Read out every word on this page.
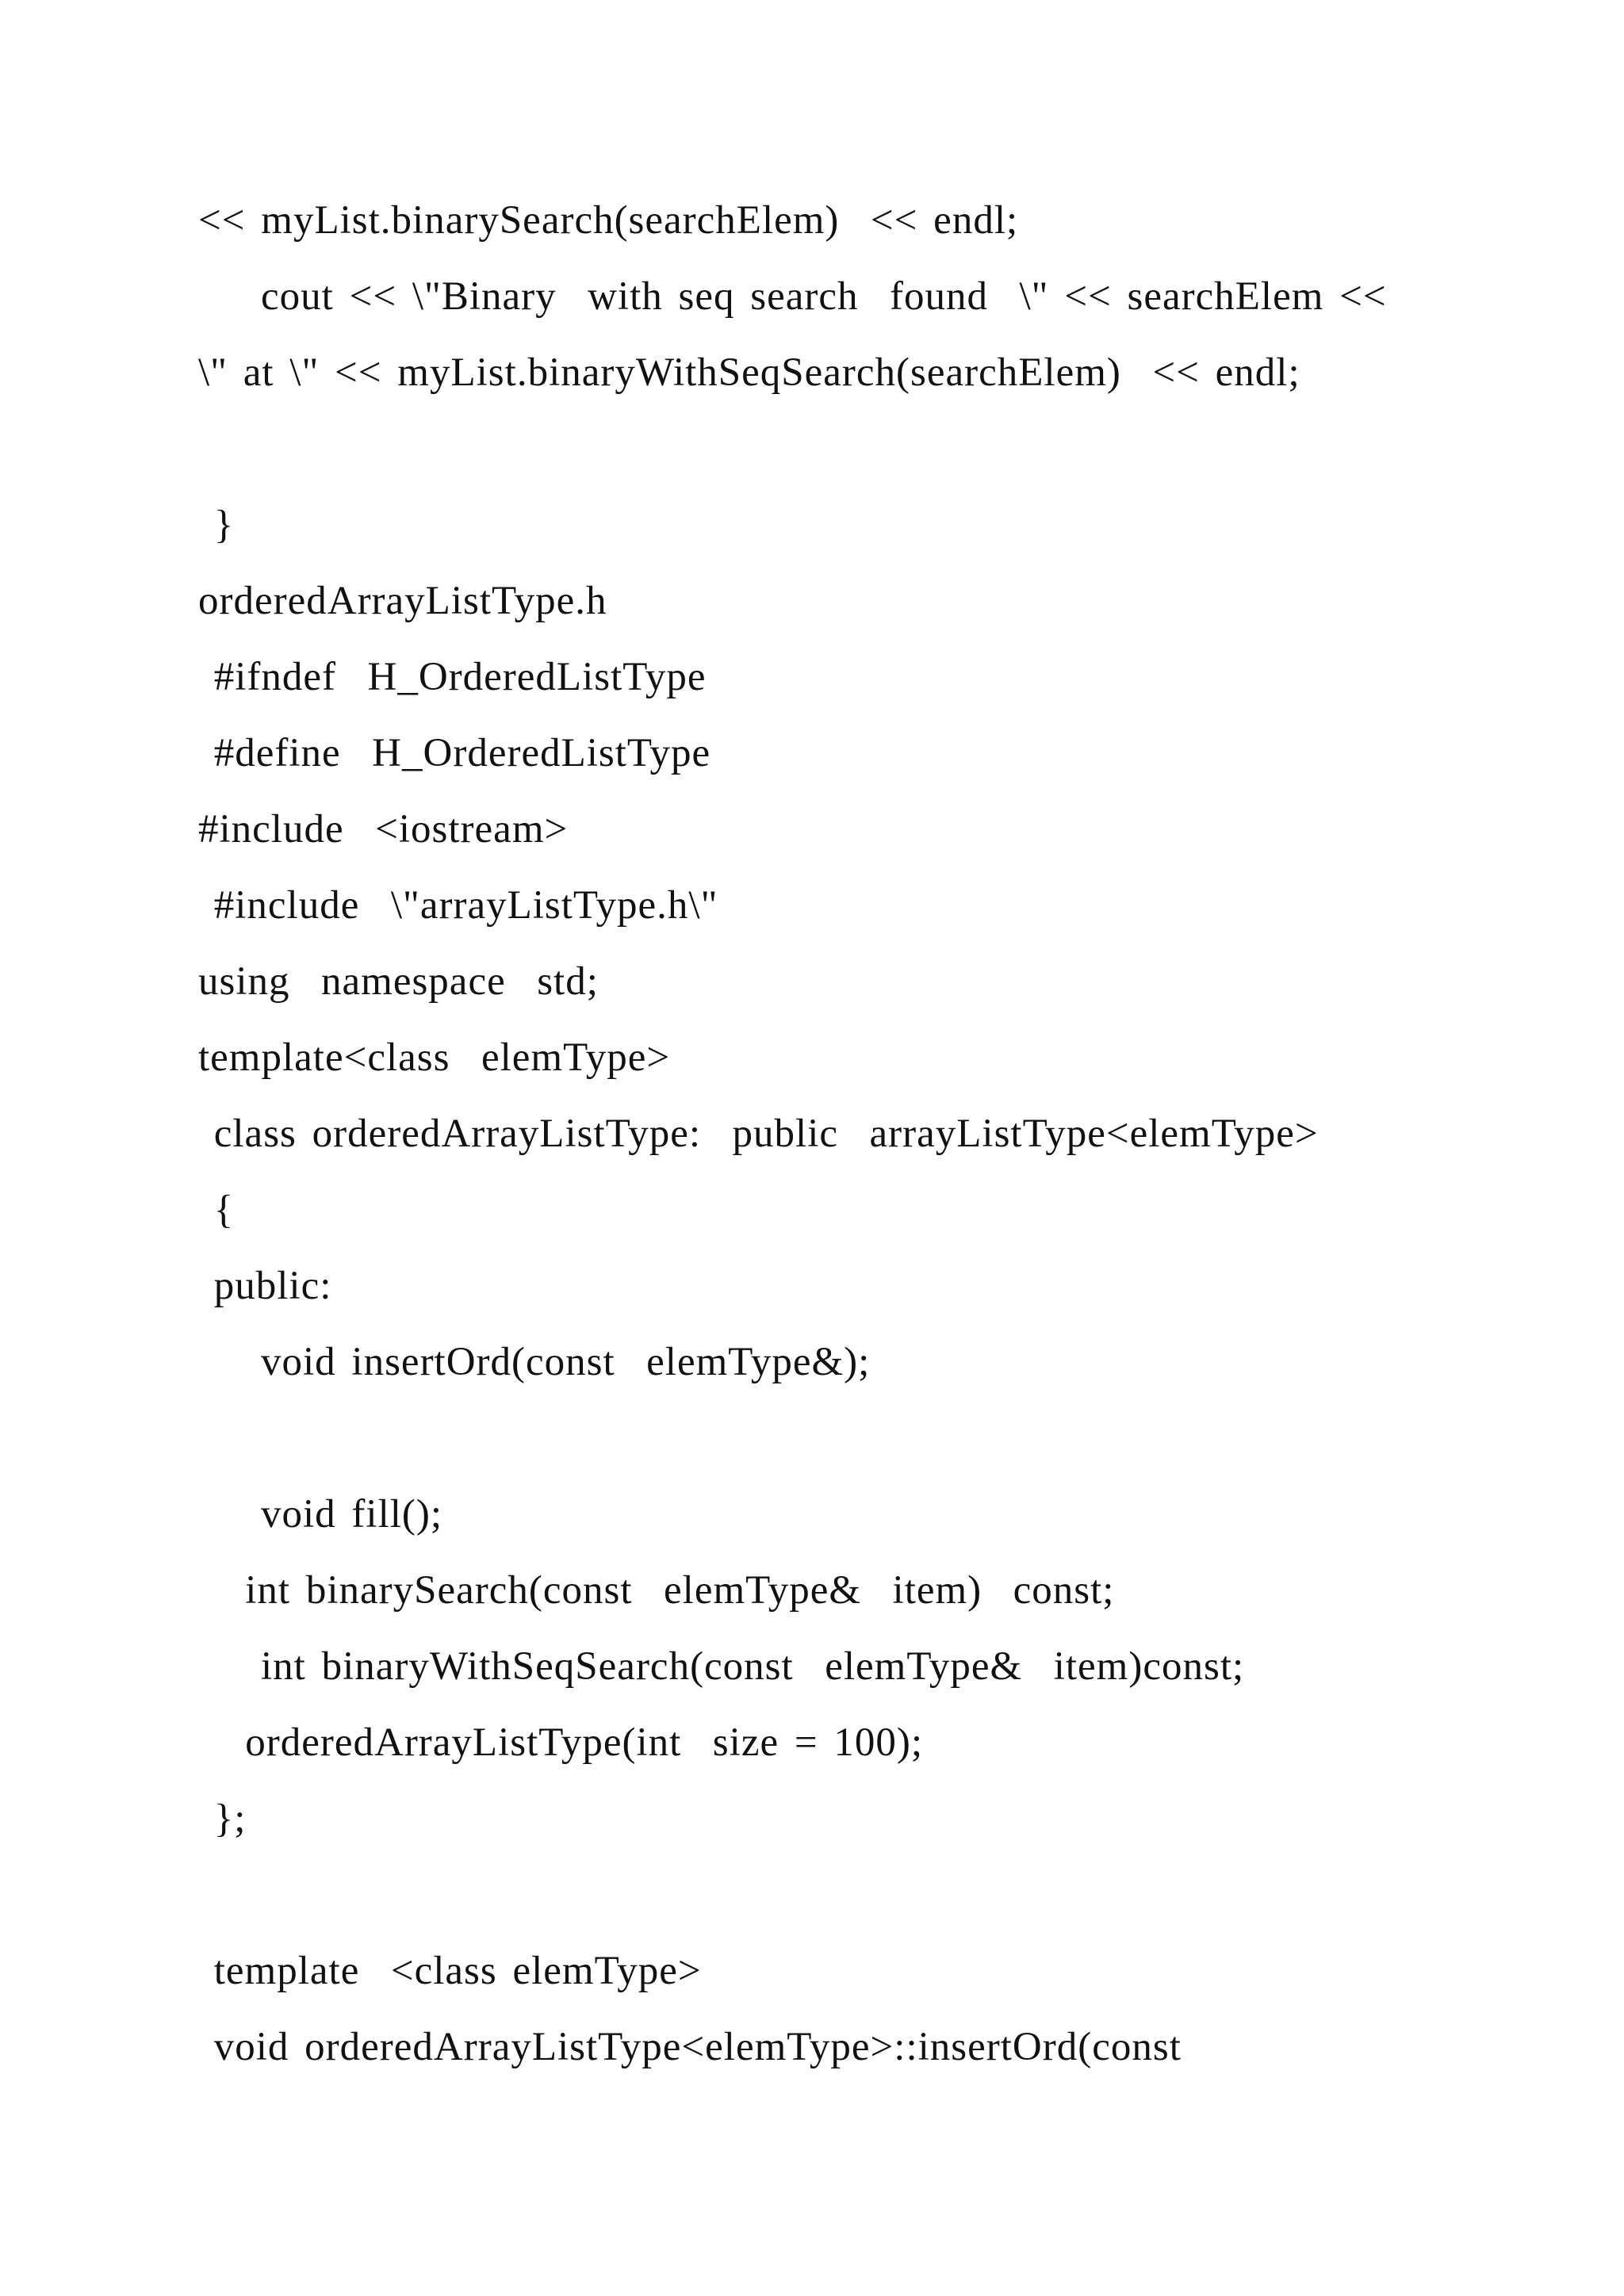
<< myList.binarySearch(searchElem)  << endl;
cout << \"Binary  with seq search  found  \" << searchElem <<
\" at \" << myList.binaryWithSeqSearch(searchElem)  << endl;
}
orderedArrayListType.h
#ifndef  H_OrderedListType
#define  H_OrderedListType
#include  <iostream>
#include  \"arrayListType.h\"
using  namespace  std;
template<class  elemType>
class orderedArrayListType:  public  arrayListType<elemType>
{
public:
void insertOrd(const  elemType&);
void fill();
int binarySearch(const  elemType&  item)  const;
int binaryWithSeqSearch(const  elemType&  item)const;
orderedArrayListType(int  size = 100);
};
template  <class elemType>
void orderedArrayListType<elemType>::insertOrd(const
